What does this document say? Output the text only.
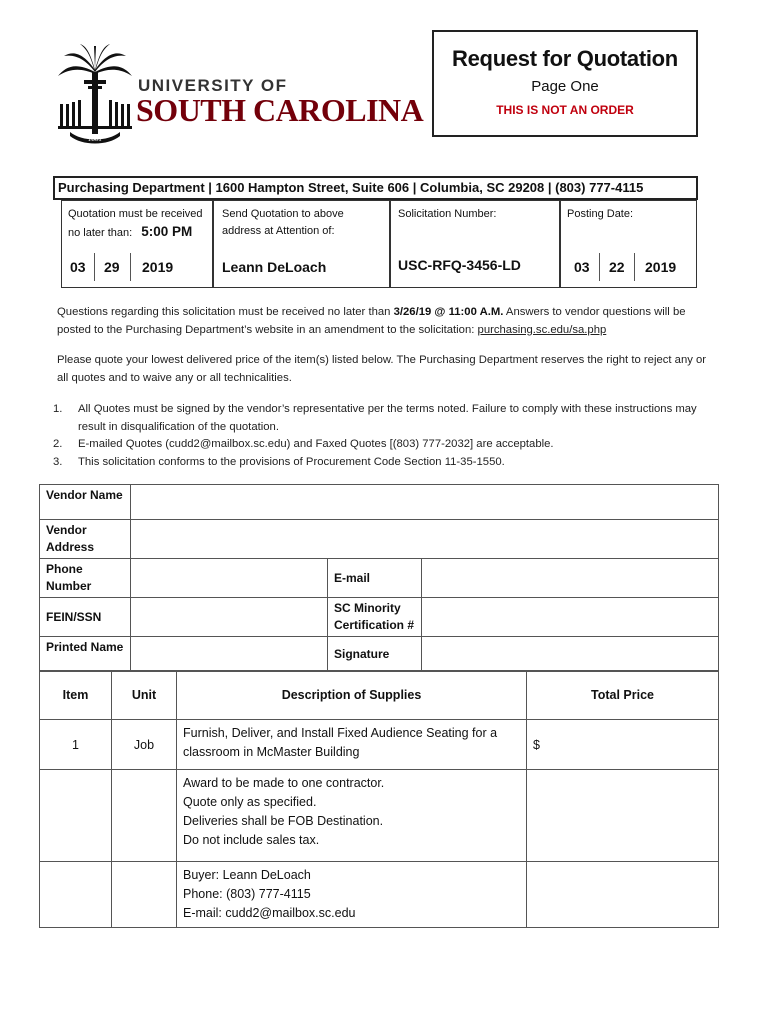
1801
UNIVERSITY OF
SOUTH CAROLINA
Request for Quotation
Page One
THIS IS NOT AN ORDER
Purchasing Department | 1600 Hampton Street, Suite 606 | Columbia, SC 29208 | (803) 777-4115
Quotation must be received
no later than: 5:00 PM
03 29 2019
Send Quotation to above
address at Attention of:
Leann DeLoach
Solicitation Number:
USC-RFQ-3456-LD
Posting Date:
03 22 2019
Questions regarding this solicitation must be received no later than 3/26/19 @ 11:00 A.M. Answers to vendor questions will be posted to the Purchasing Department’s website in an amendment to the solicitation: purchasing.sc.edu/sa.php
Please quote your lowest delivered price of the item(s) listed below. The Purchasing Department reserves the right to reject any or all quotes and to waive any or all technicalities.
1. All Quotes must be signed by the vendor’s representative per the terms noted. Failure to comply with these instructions may result in disqualification of the quotation.
2. E-mailed Quotes (cudd2@mailbox.sc.edu) and Faxed Quotes [(803) 777-2032] are acceptable.
3. This solicitation conforms to the provisions of Procurement Code Section 11-35-1550.
Vendor Name			
Vendor Address			
Phone Number		E-mail	
FEIN/SSN		SC Minority Certification #	
Printed Name		Signature	
Item	Unit	Description of Supplies	Total Price
1	Job	Furnish, Deliver, and Install Fixed Audience Seating for a classroom in McMaster Building	$

		Award to be made to one contractor.
Quote only as specified.
Deliveries shall be FOB Destination.
Do not include sales tax.	

		Buyer: Leann DeLoach
Phone: (803) 777-4115
E-mail: cudd2@mailbox.sc.edu	
